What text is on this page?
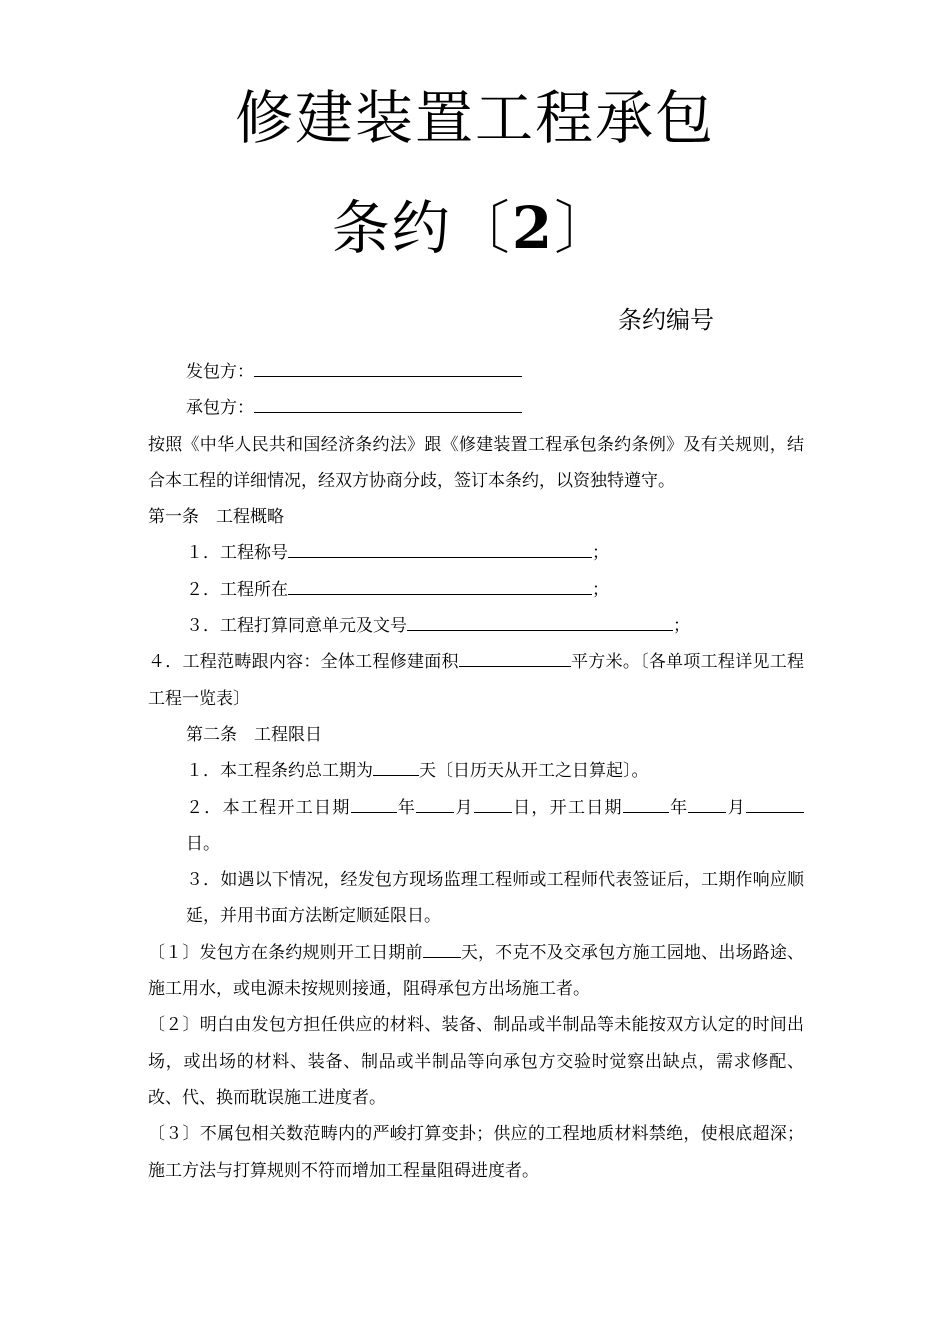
修建装置工程承包
条约〔2〕
条约编号

发包方：

承包方：

按照《中华人民共和国经济条约法》跟《修建装置工程承包条约条例》及有关规则，结合本工程的详细情况，经双方协商分歧，签订本条约，以资独特遵守。

第一条　工程概略

１．工程称号	；

２．工程所在	；

３．工程打算同意单元及文号	；

４．工程范畴跟内容：全体工程修建面积	平方米。〔各单项工程详见工程工程一览表〕

第二条　工程限日

１．本工程条约总工期为	天〔日历天从开工之日算起〕。

２．本工程开工日期	年 月 日，开工日期	年 月日。

３．如遇以下情况，经发包方现场监理工程师或工程师代表签证后，工期作响应顺延，并用书面方法断定顺延限日。

〔１〕发包方在条约规则开工日期前 天，不克不及交承包方施工园地、出场路途、施工用水，或电源未按规则接通，阻碍承包方出场施工者。

〔２〕明白由发包方担任供应的材料、装备、制品或半制品等未能按双方认定的时间出场，或出场的材料、装备、制品或半制品等向承包方交验时觉察出缺点，需求修配、改、代、换而耽误施工进度者。

〔３〕不属包相关数范畴内的严峻打算变卦；供应的工程地质材料禁绝，使根底超深；施工方法与打算规则不符而增加工程量阻碍进度者。
